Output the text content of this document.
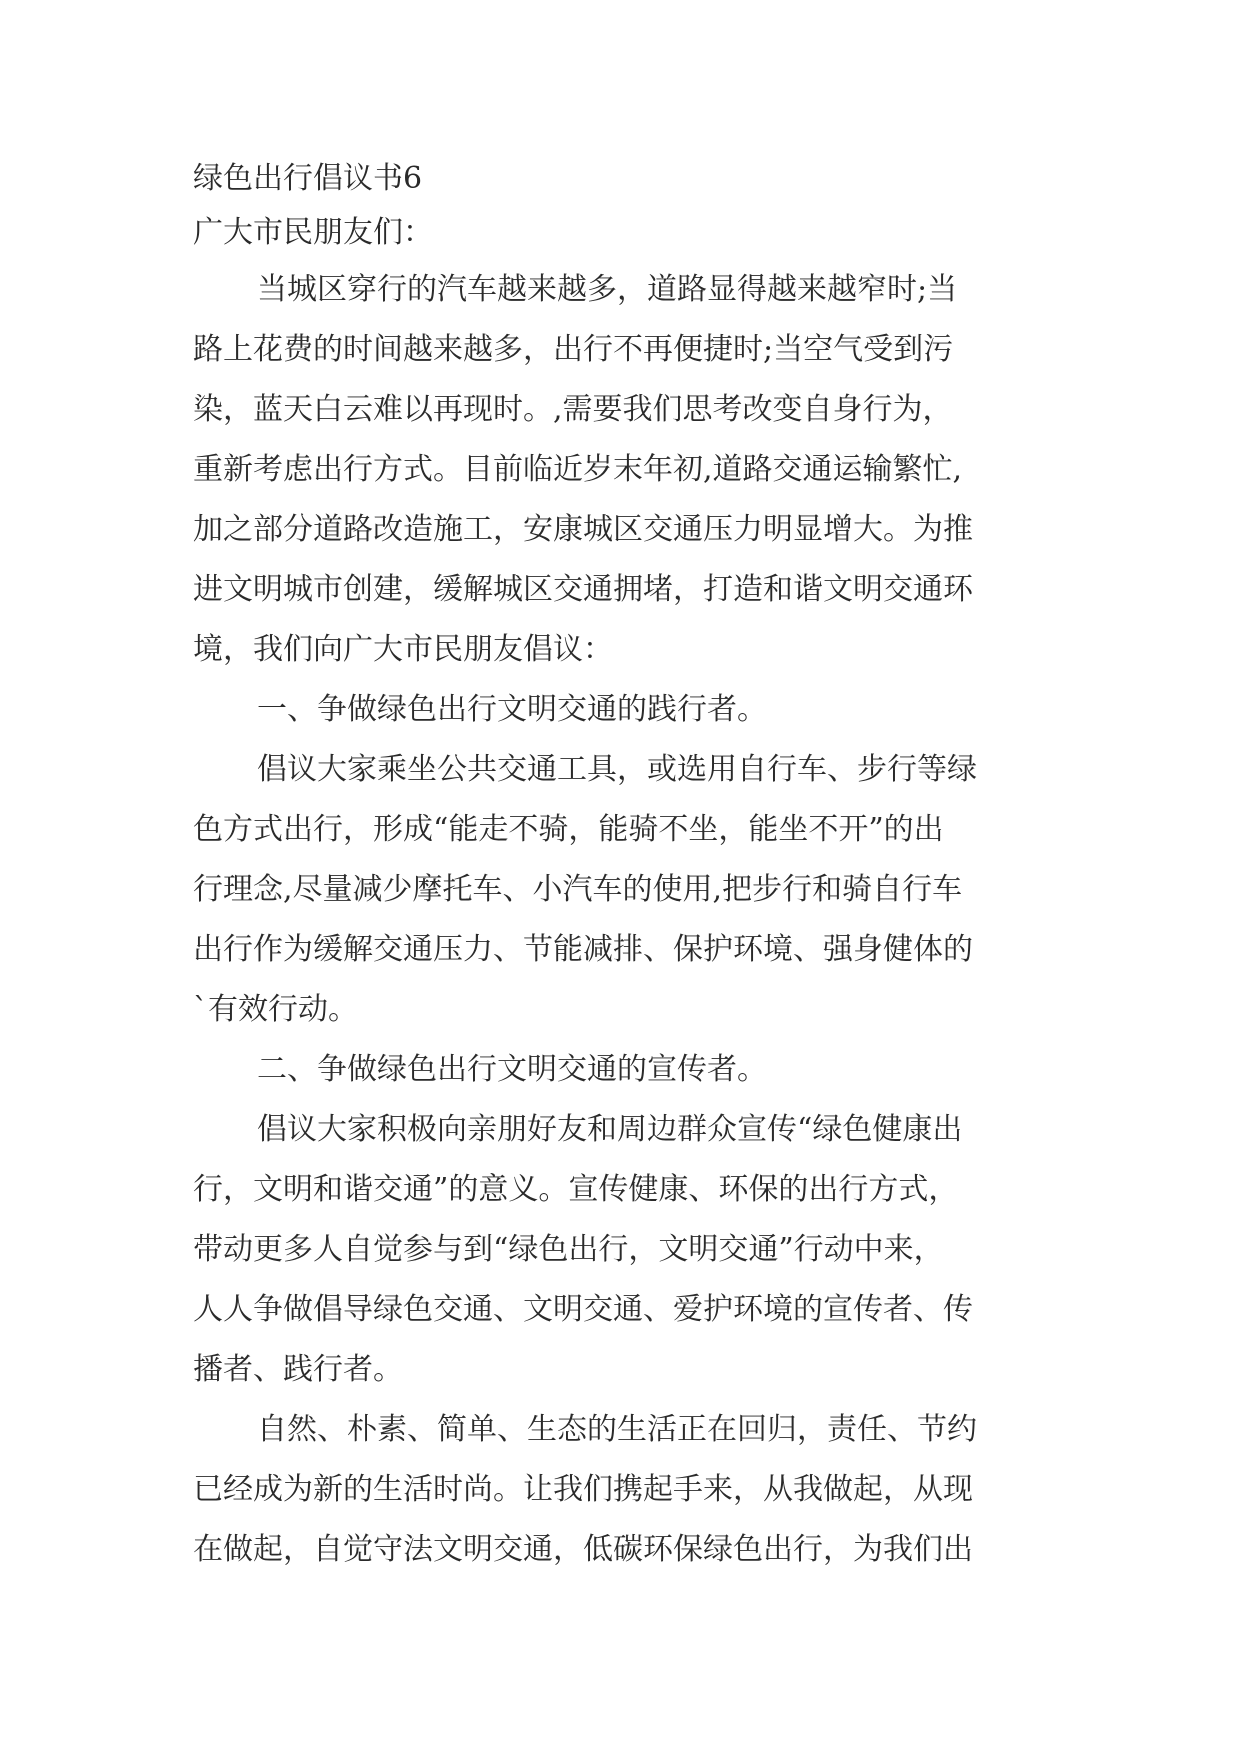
绿色出行倡议书6
广大市民朋友们：
当城区穿行的汽车越来越多，道路显得越来越窄时;当
路上花费的时间越来越多，出行不再便捷时;当空气受到污
染，蓝天白云难以再现时。,需要我们思考改变自身行为，
重新考虑出行方式。目前临近岁末年初,道路交通运输繁忙,
加之部分道路改造施工，安康城区交通压力明显增大。为推
进文明城市创建，缓解城区交通拥堵，打造和谐文明交通环
境，我们向广大市民朋友倡议：
一、争做绿色出行文明交通的践行者。
倡议大家乘坐公共交通工具，或选用自行车、步行等绿
色方式出行，形成“能走不骑，能骑不坐，能坐不开”的出
行理念,尽量减少摩托车、小汽车的使用,把步行和骑自行车
出行作为缓解交通压力、节能减排、保护环境、强身健体的
`有效行动。
二、争做绿色出行文明交通的宣传者。
倡议大家积极向亲朋好友和周边群众宣传“绿色健康出
行，文明和谐交通”的意义。宣传健康、环保的出行方式，
带动更多人自觉参与到“绿色出行，文明交通”行动中来，
人人争做倡导绿色交通、文明交通、爱护环境的宣传者、传
播者、践行者。
自然、朴素、简单、生态的生活正在回归，责任、节约
已经成为新的生活时尚。让我们携起手来，从我做起，从现
在做起，自觉守法文明交通，低碳环保绿色出行，为我们出
